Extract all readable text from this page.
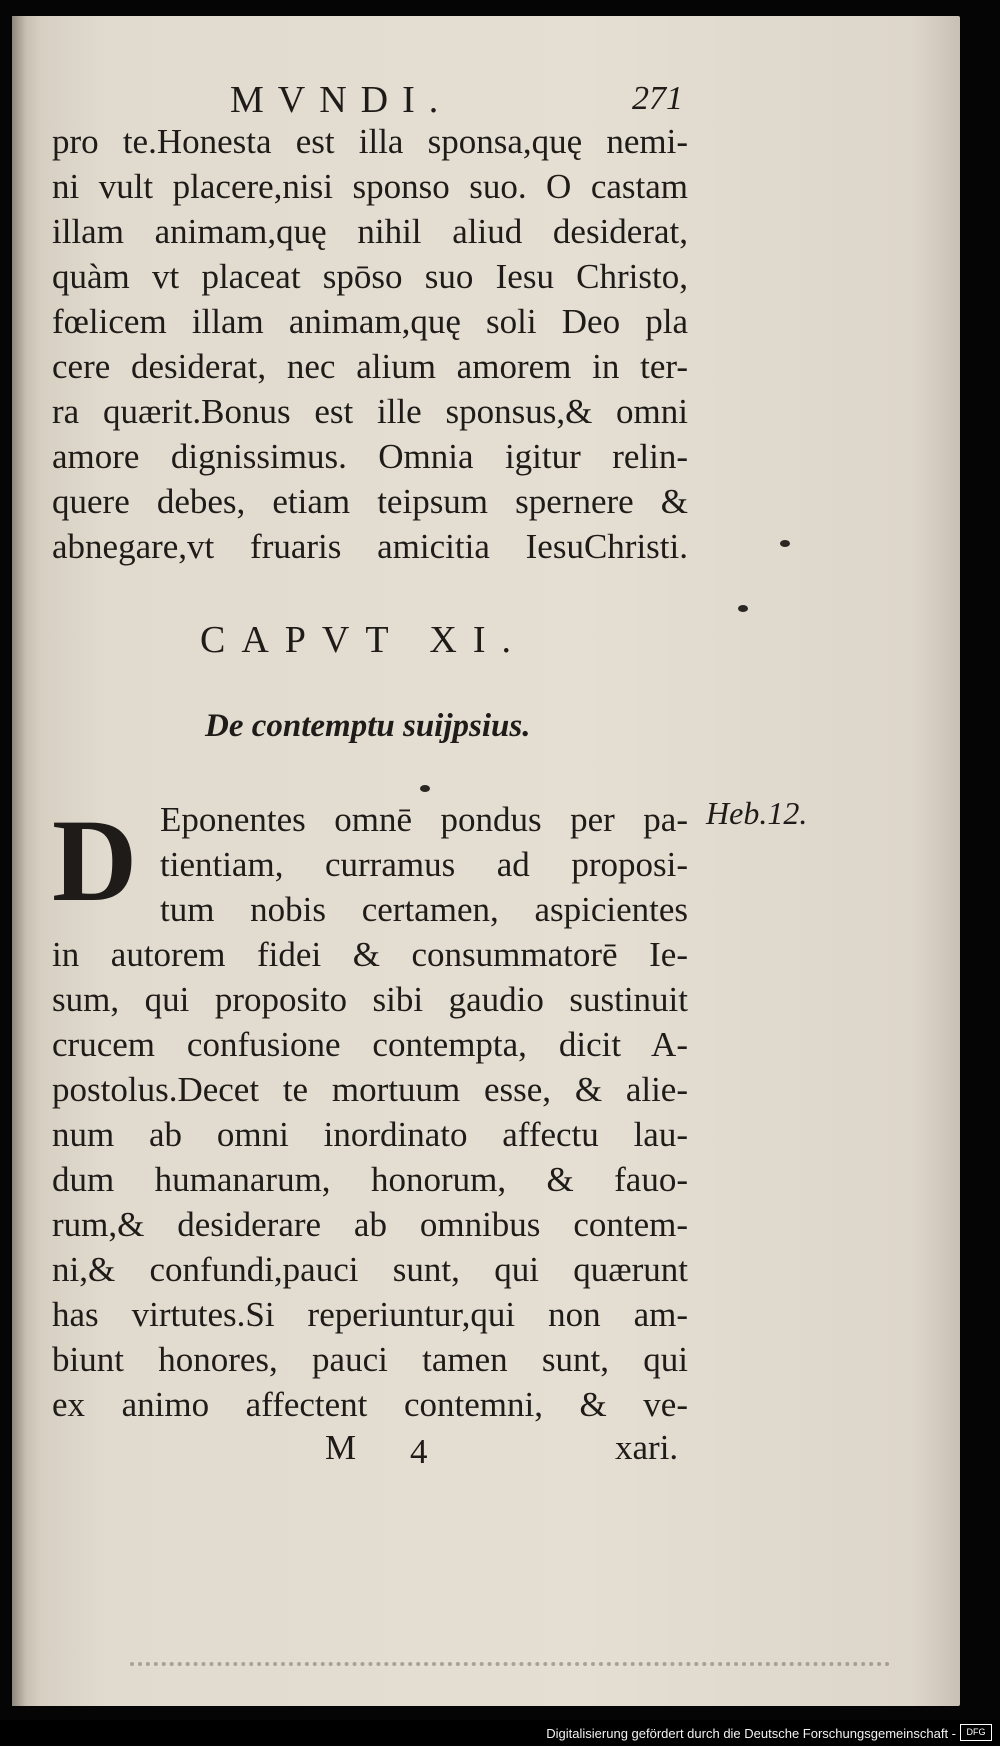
MVNDI.	271
pro te.Honesta est illa sponsa,quę nemi-
ni vult placere,nisi sponso suo. O castam
illam animam,quę nihil aliud desiderat,
quàm vt placeat spōso suo Iesu Christo,
fœlicem illam animam,quę soli Deo pla
cere desiderat, nec alium amorem in ter-
ra quærit.Bonus est ille sponsus,& omni
amore dignissimus. Omnia igitur relin-
quere debes, etiam teipsum spernere &
abnegare,vt fruaris amicitia IesuChristi.
CAPVT XI.
De contemptu suijpsius.
D Eponentes omnē pondus per pa-
tientiam, curramus ad proposi-
tum nobis certamen, aspicientes
Heb.12.
in autorem fidei & consummatorē Ie-
sum, qui proposito sibi gaudio sustinuit
crucem confusione contempta, dicit A-
postolus.Decet te mortuum esse, & alie-
num ab omni inordinato affectu lau-
dum humanarum, honorum, & fauo-
rum,& desiderare ab omnibus contem-
ni,& confundi,pauci sunt, qui quærunt
has virtutes.Si reperiuntur,qui non am-
biunt honores, pauci tamen sunt, qui
ex animo affectent contemni, & ve-
M 4	xari.
Digitalisierung gefördert durch die Deutsche Forschungsgemeinschaft -	DFG
